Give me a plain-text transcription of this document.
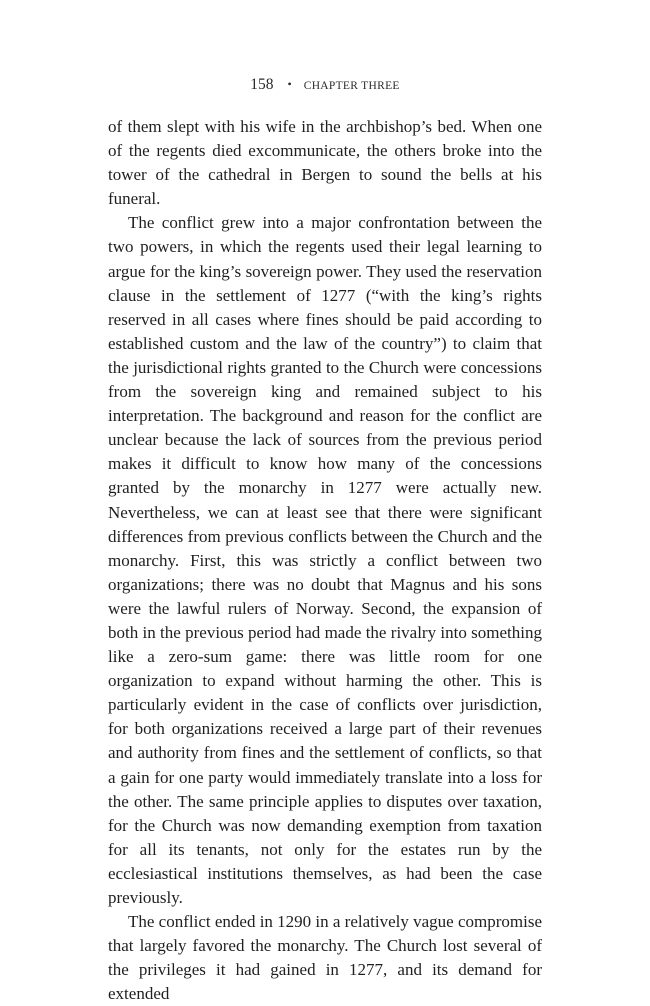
158 • CHAPTER THREE

of them slept with his wife in the archbishop’s bed. When one of the regents died excommunicate, the others broke into the tower of the cathedral in Bergen to sound the bells at his funeral.

The conflict grew into a major confrontation between the two powers, in which the regents used their legal learning to argue for the king’s sovereign power. They used the reservation clause in the settlement of 1277 (“with the king’s rights reserved in all cases where fines should be paid according to established custom and the law of the country”) to claim that the jurisdictional rights granted to the Church were concessions from the sovereign king and remained subject to his interpretation. The background and reason for the conflict are unclear because the lack of sources from the previous period makes it difficult to know how many of the concessions granted by the monarchy in 1277 were actually new. Nevertheless, we can at least see that there were significant differences from previous conflicts between the Church and the monarchy. First, this was strictly a conflict between two organizations; there was no doubt that Magnus and his sons were the lawful rulers of Norway. Second, the expansion of both in the previous period had made the rivalry into something like a zero-sum game: there was little room for one organization to expand without harming the other. This is particularly evident in the case of conflicts over jurisdiction, for both organizations received a large part of their revenues and authority from fines and the settlement of conflicts, so that a gain for one party would immediately translate into a loss for the other. The same principle applies to disputes over taxation, for the Church was now demanding exemption from taxation for all its tenants, not only for the estates run by the ecclesiastical institutions themselves, as had been the case previously.

The conflict ended in 1290 in a relatively vague compromise that largely favored the monarchy. The Church lost several of the privileges it had gained in 1277, and its demand for extended
